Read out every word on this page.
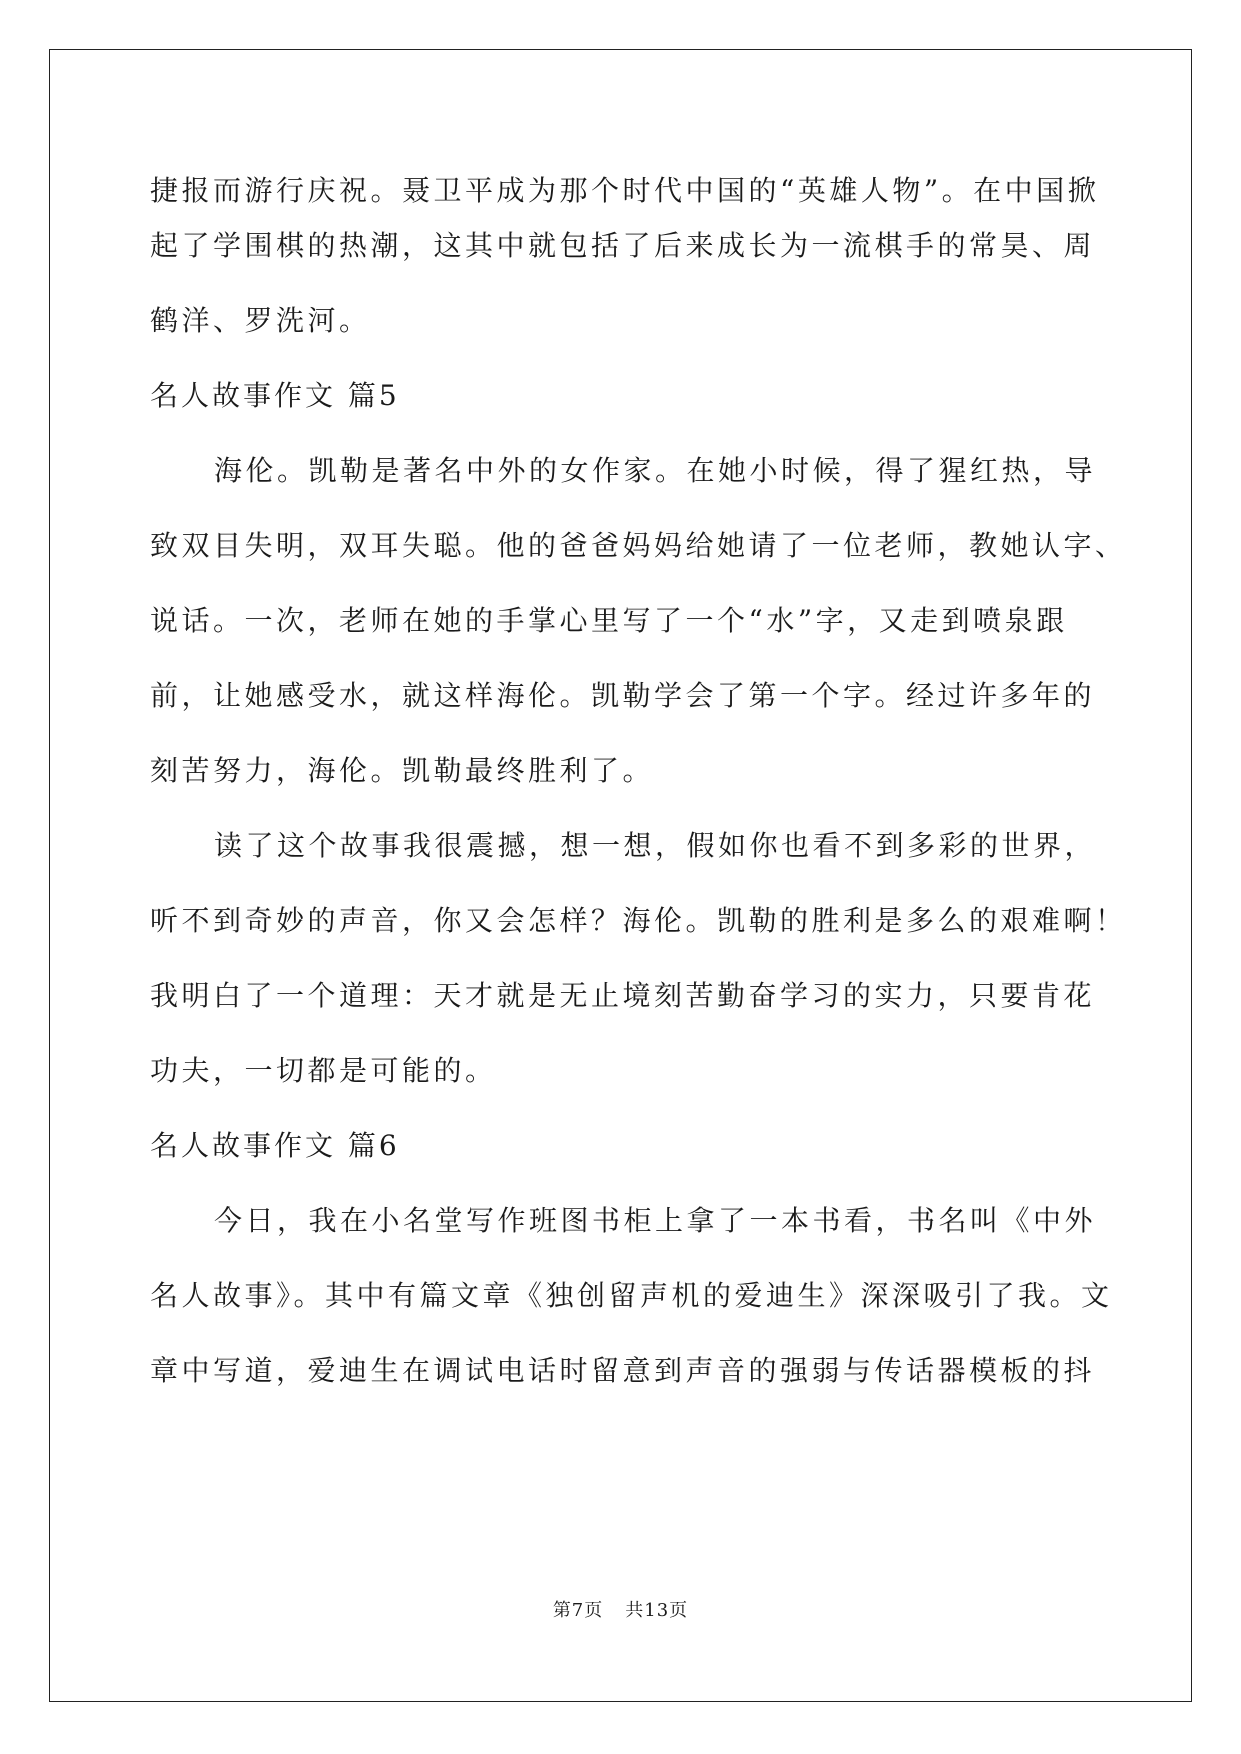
捷报而游行庆祝。聂卫平成为那个时代中国的“英雄人物”。在中国掀
起了学围棋的热潮，这其中就包括了后来成长为一流棋手的常昊、周
鹤洋、罗洗河。
名人故事作文 篇5
海伦。凯勒是著名中外的女作家。在她小时候，得了猩红热，导
致双目失明，双耳失聪。他的爸爸妈妈给她请了一位老师，教她认字、
说话。一次，老师在她的手掌心里写了一个“水”字，又走到喷泉跟
前，让她感受水，就这样海伦。凯勒学会了第一个字。经过许多年的
刻苦努力，海伦。凯勒最终胜利了。
读了这个故事我很震撼，想一想，假如你也看不到多彩的世界，
听不到奇妙的声音，你又会怎样？海伦。凯勒的胜利是多么的艰难啊！
我明白了一个道理：天才就是无止境刻苦勤奋学习的实力，只要肯花
功夫，一切都是可能的。
名人故事作文 篇6
今日，我在小名堂写作班图书柜上拿了一本书看，书名叫《中外
名人故事》。其中有篇文章《独创留声机的爱迪生》深深吸引了我。文
章中写道，爱迪生在调试电话时留意到声音的强弱与传话器模板的抖
第7页 共13页
